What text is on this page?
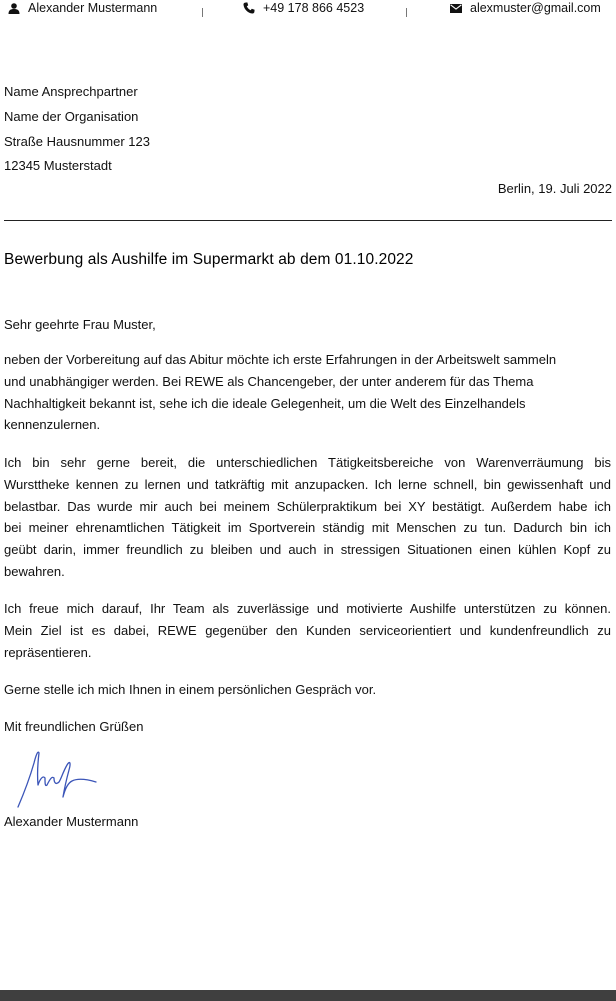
Alexander Mustermann	+49 178 866 4523	alexmuster@gmail.com
Name Ansprechpartner
Name der Organisation
Straße Hausnummer 123
12345 Musterstadt
Berlin, 19. Juli 2022
Bewerbung als Aushilfe im Supermarkt ab dem 01.10.2022
Sehr geehrte Frau Muster,
neben der Vorbereitung auf das Abitur möchte ich erste Erfahrungen in der Arbeitswelt sammeln
und unabhängiger werden. Bei REWE als Chancengeber, der unter anderem für das Thema
Nachhaltigkeit bekannt ist, sehe ich die ideale Gelegenheit, um die Welt des Einzelhandels
kennenzulernen.
Ich bin sehr gerne bereit, die unterschiedlichen Tätigkeitsbereiche von Warenverräumung bis
Wursttheke kennen zu lernen und tatkräftig mit anzupacken. Ich lerne schnell, bin gewissenhaft und
belastbar. Das wurde mir auch bei meinem Schülerpraktikum bei XY bestätigt. Außerdem habe ich
bei meiner ehrenamtlichen Tätigkeit im Sportverein ständig mit Menschen zu tun. Dadurch bin ich
geübt darin, immer freundlich zu bleiben und auch in stressigen Situationen einen kühlen Kopf zu
bewahren.
Ich freue mich darauf, Ihr Team als zuverlässige und motivierte Aushilfe unterstützen zu können.
Mein Ziel ist es dabei, REWE gegenüber den Kunden serviceorientiert und kundenfreundlich zu
repräsentieren.
Gerne stelle ich mich Ihnen in einem persönlichen Gespräch vor.
Mit freundlichen Grüßen
Alexander Mustermann
